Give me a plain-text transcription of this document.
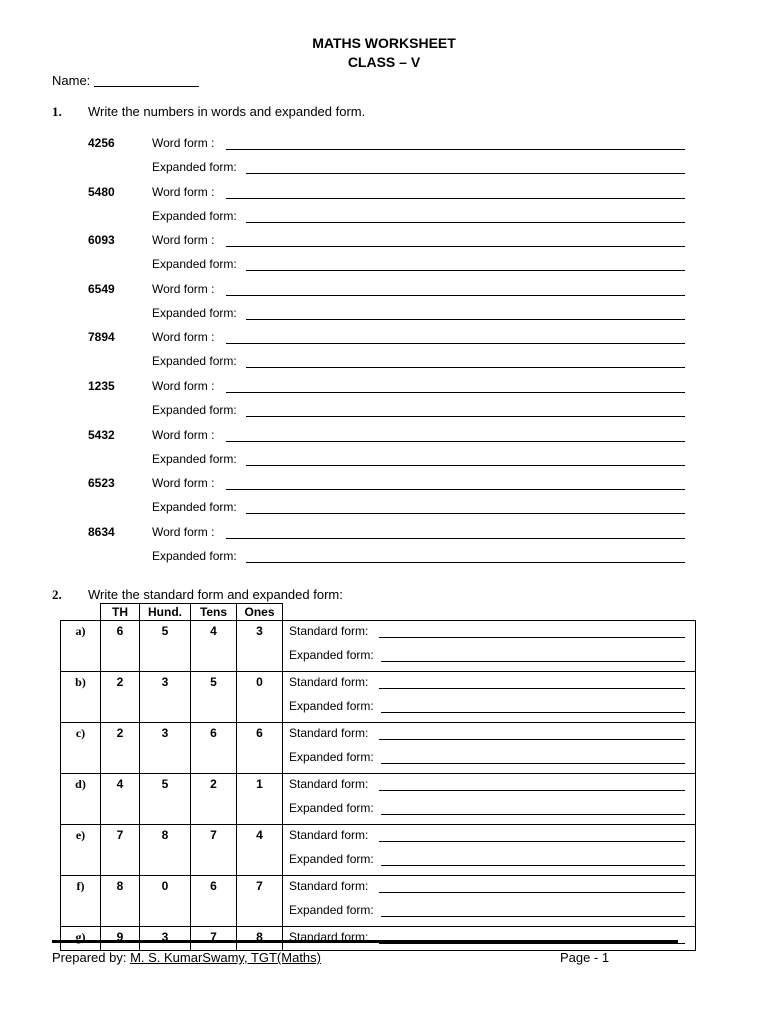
MATHS WORKSHEET
CLASS – V
Name:
1. Write the numbers in words and expanded form.
4256	Word form :
Expanded form:
5480	Word form :
Expanded form:
6093	Word form :
Expanded form:
6549	Word form :
Expanded form:
7894	Word form :
Expanded form:
1235	Word form :
Expanded form:
5432	Word form :
Expanded form:
6523	Word form :
Expanded form:
8634	Word form :
Expanded form:
2. Write the standard form and expanded form:
TH	Hund.	Tens	Ones
a)	6	5	4	3	Standard form:
Expanded form:

b)	2	3	5	0	Standard form:
Expanded form:

c)	2	3	6	6	Standard form:
Expanded form:

d)	4	5	2	1	Standard form:
Expanded form:

e)	7	8	7	4	Standard form:
Expanded form:

f)	8	0	6	7	Standard form:
Expanded form:

g)	9	3	7	8	Standard form:
Prepared by: M. S. KumarSwamy, TGT(Maths)	Page - 1
